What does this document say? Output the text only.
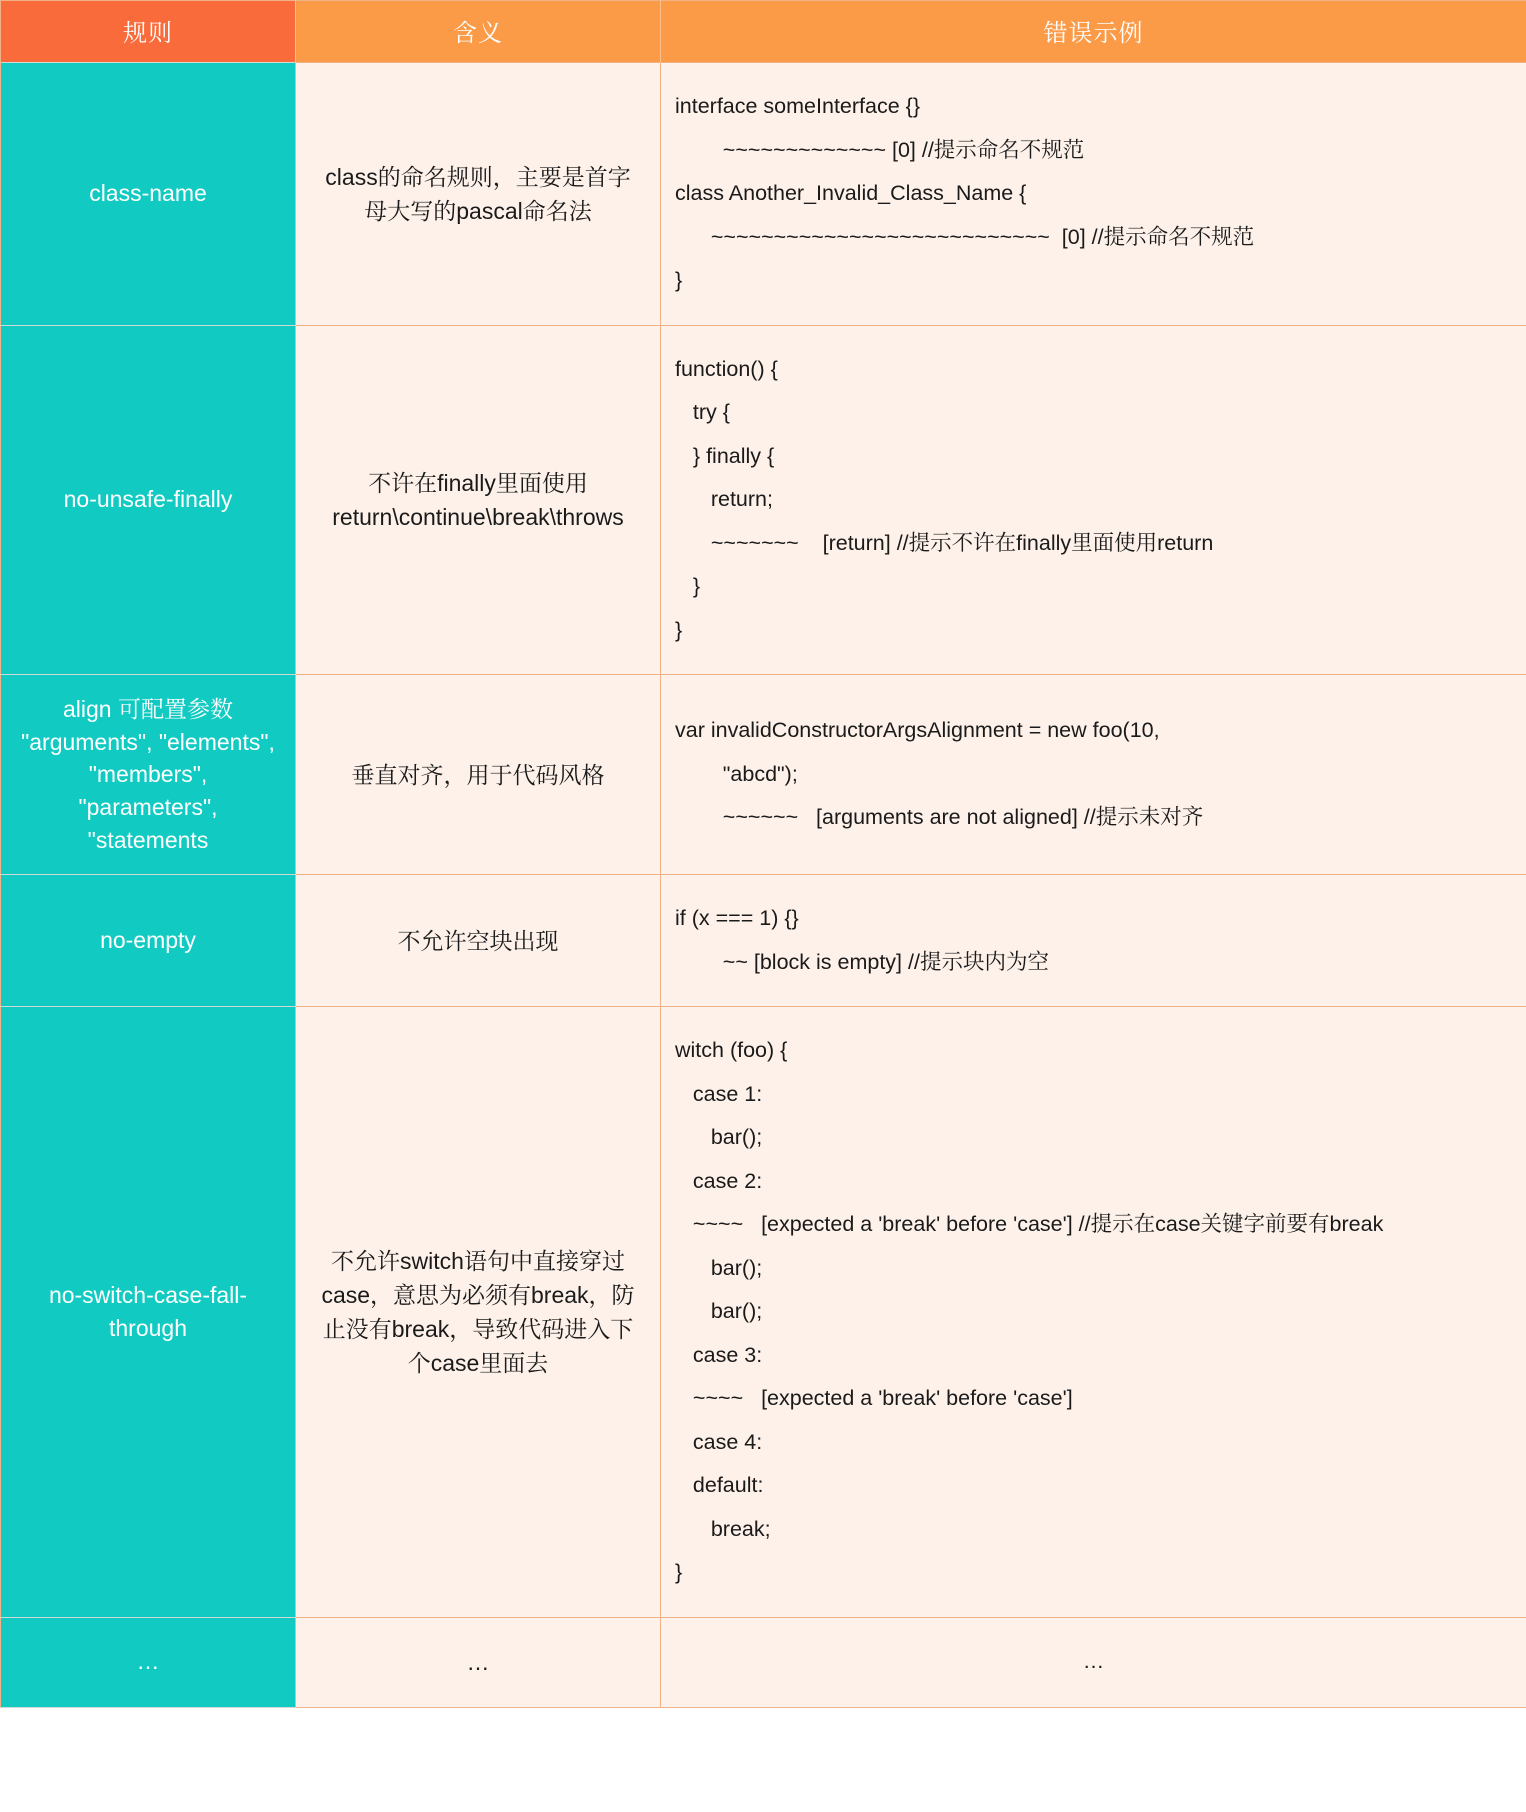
规则	含义	错误示例
class-name	class的命名规则，主要是首字母大写的pascal命名法	interface someInterface {}
~~~~~~~~~~~~~ [0] //提示命名不规范
class Another_Invalid_Class_Name {
~~~~~~~~~~~~~~~~~~~~~~~~~~~  [0] //提示命名不规范
}

no-unsafe-finally	不许在finally里面使用return\continue\break\throws	
function() {
try {
} finally {
return;
~~~~~~~    [return] //提示不许在finally里面使用return
}
}

align 可配置参数 "arguments", "elements", "members", "parameters", "statements	垂直对齐，用于代码风格	var invalidConstructorArgsAlignment = new foo(10,
"abcd");
~~~~~~   [arguments are not aligned] //提示未对齐

no-empty	不允许空块出现	if (x === 1) {}
~~ [block is empty] //提示块内为空

no-switch-case-fall-through	不允许switch语句中直接穿过case，意思为必须有break，防止没有break，导致代码进入下个case里面去	
witch (foo) {
case 1:
bar();
case 2:
~~~~   [expected a 'break' before 'case'] //提示在case关键字前要有break
bar();
bar();
case 3:
~~~~   [expected a 'break' before 'case']
case 4:
default:
break;
}

…	…	…
